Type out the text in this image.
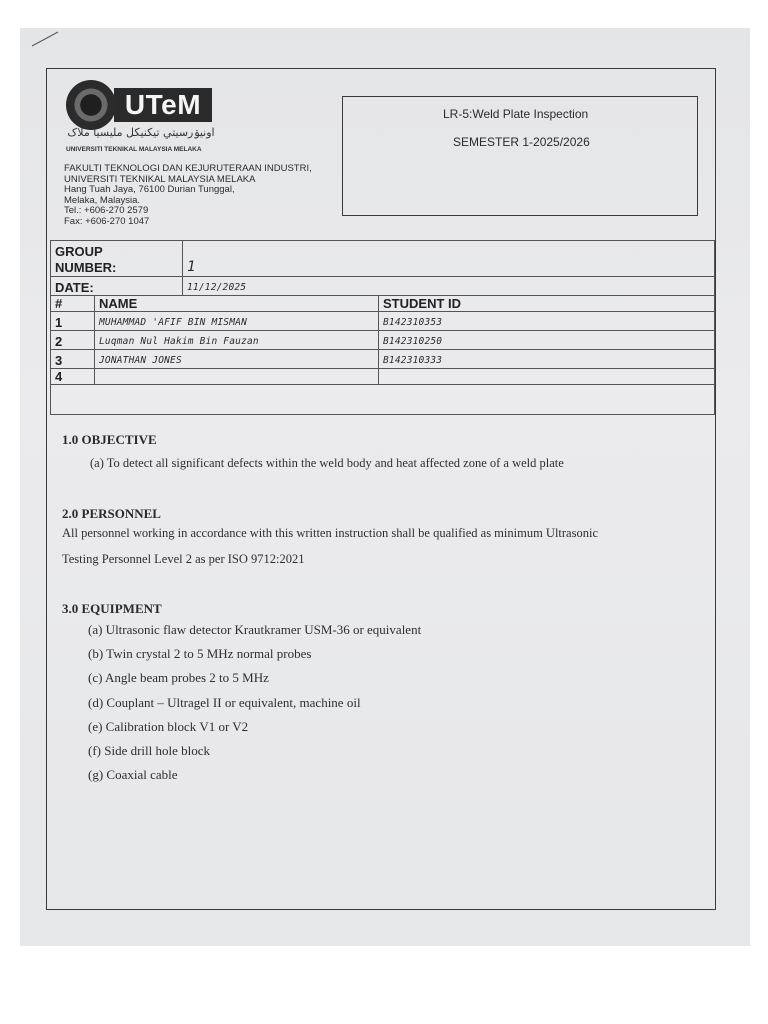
UTeM
اونيۏرسيتي تيکنيکل مليسيا ملاک
UNIVERSITI TEKNIKAL MALAYSIA MELAKA
FAKULTI TEKNOLOGI DAN KEJURUTERAAN INDUSTRI,
UNIVERSITI TEKNIKAL MALAYSIA MELAKA
Hang Tuah Jaya, 76100 Durian Tunggal,
Melaka, Malaysia.
Tel.: +606-270 2579
Fax: +606-270 1047
LR-5:Weld Plate Inspection
SEMESTER 1-2025/2026
GROUP
NUMBER:		1	
DATE:		11/12/2025	
#	NAME		STUDENT ID
1	MUHAMMAD 'AFIF BIN MISMAN		B142310353
2	Luqman Nul Hakim Bin Fauzan		B142310250
3	JONATHAN JONES		B142310333
4			

1.0 OBJECTIVE
(a) To detect all significant defects within the weld body and heat affected zone of a weld plate
2.0 PERSONNEL
All personnel working in accordance with this written instruction shall be qualified as minimum Ultrasonic
Testing Personnel Level 2 as per ISO 9712:2021
3.0 EQUIPMENT
(a) Ultrasonic flaw detector Krautkramer USM-36 or equivalent
(b) Twin crystal 2 to 5 MHz normal probes
(c) Angle beam probes 2 to 5 MHz
(d) Couplant – Ultragel II or equivalent, machine oil
(e) Calibration block V1 or V2
(f) Side drill hole block
(g) Coaxial cable
